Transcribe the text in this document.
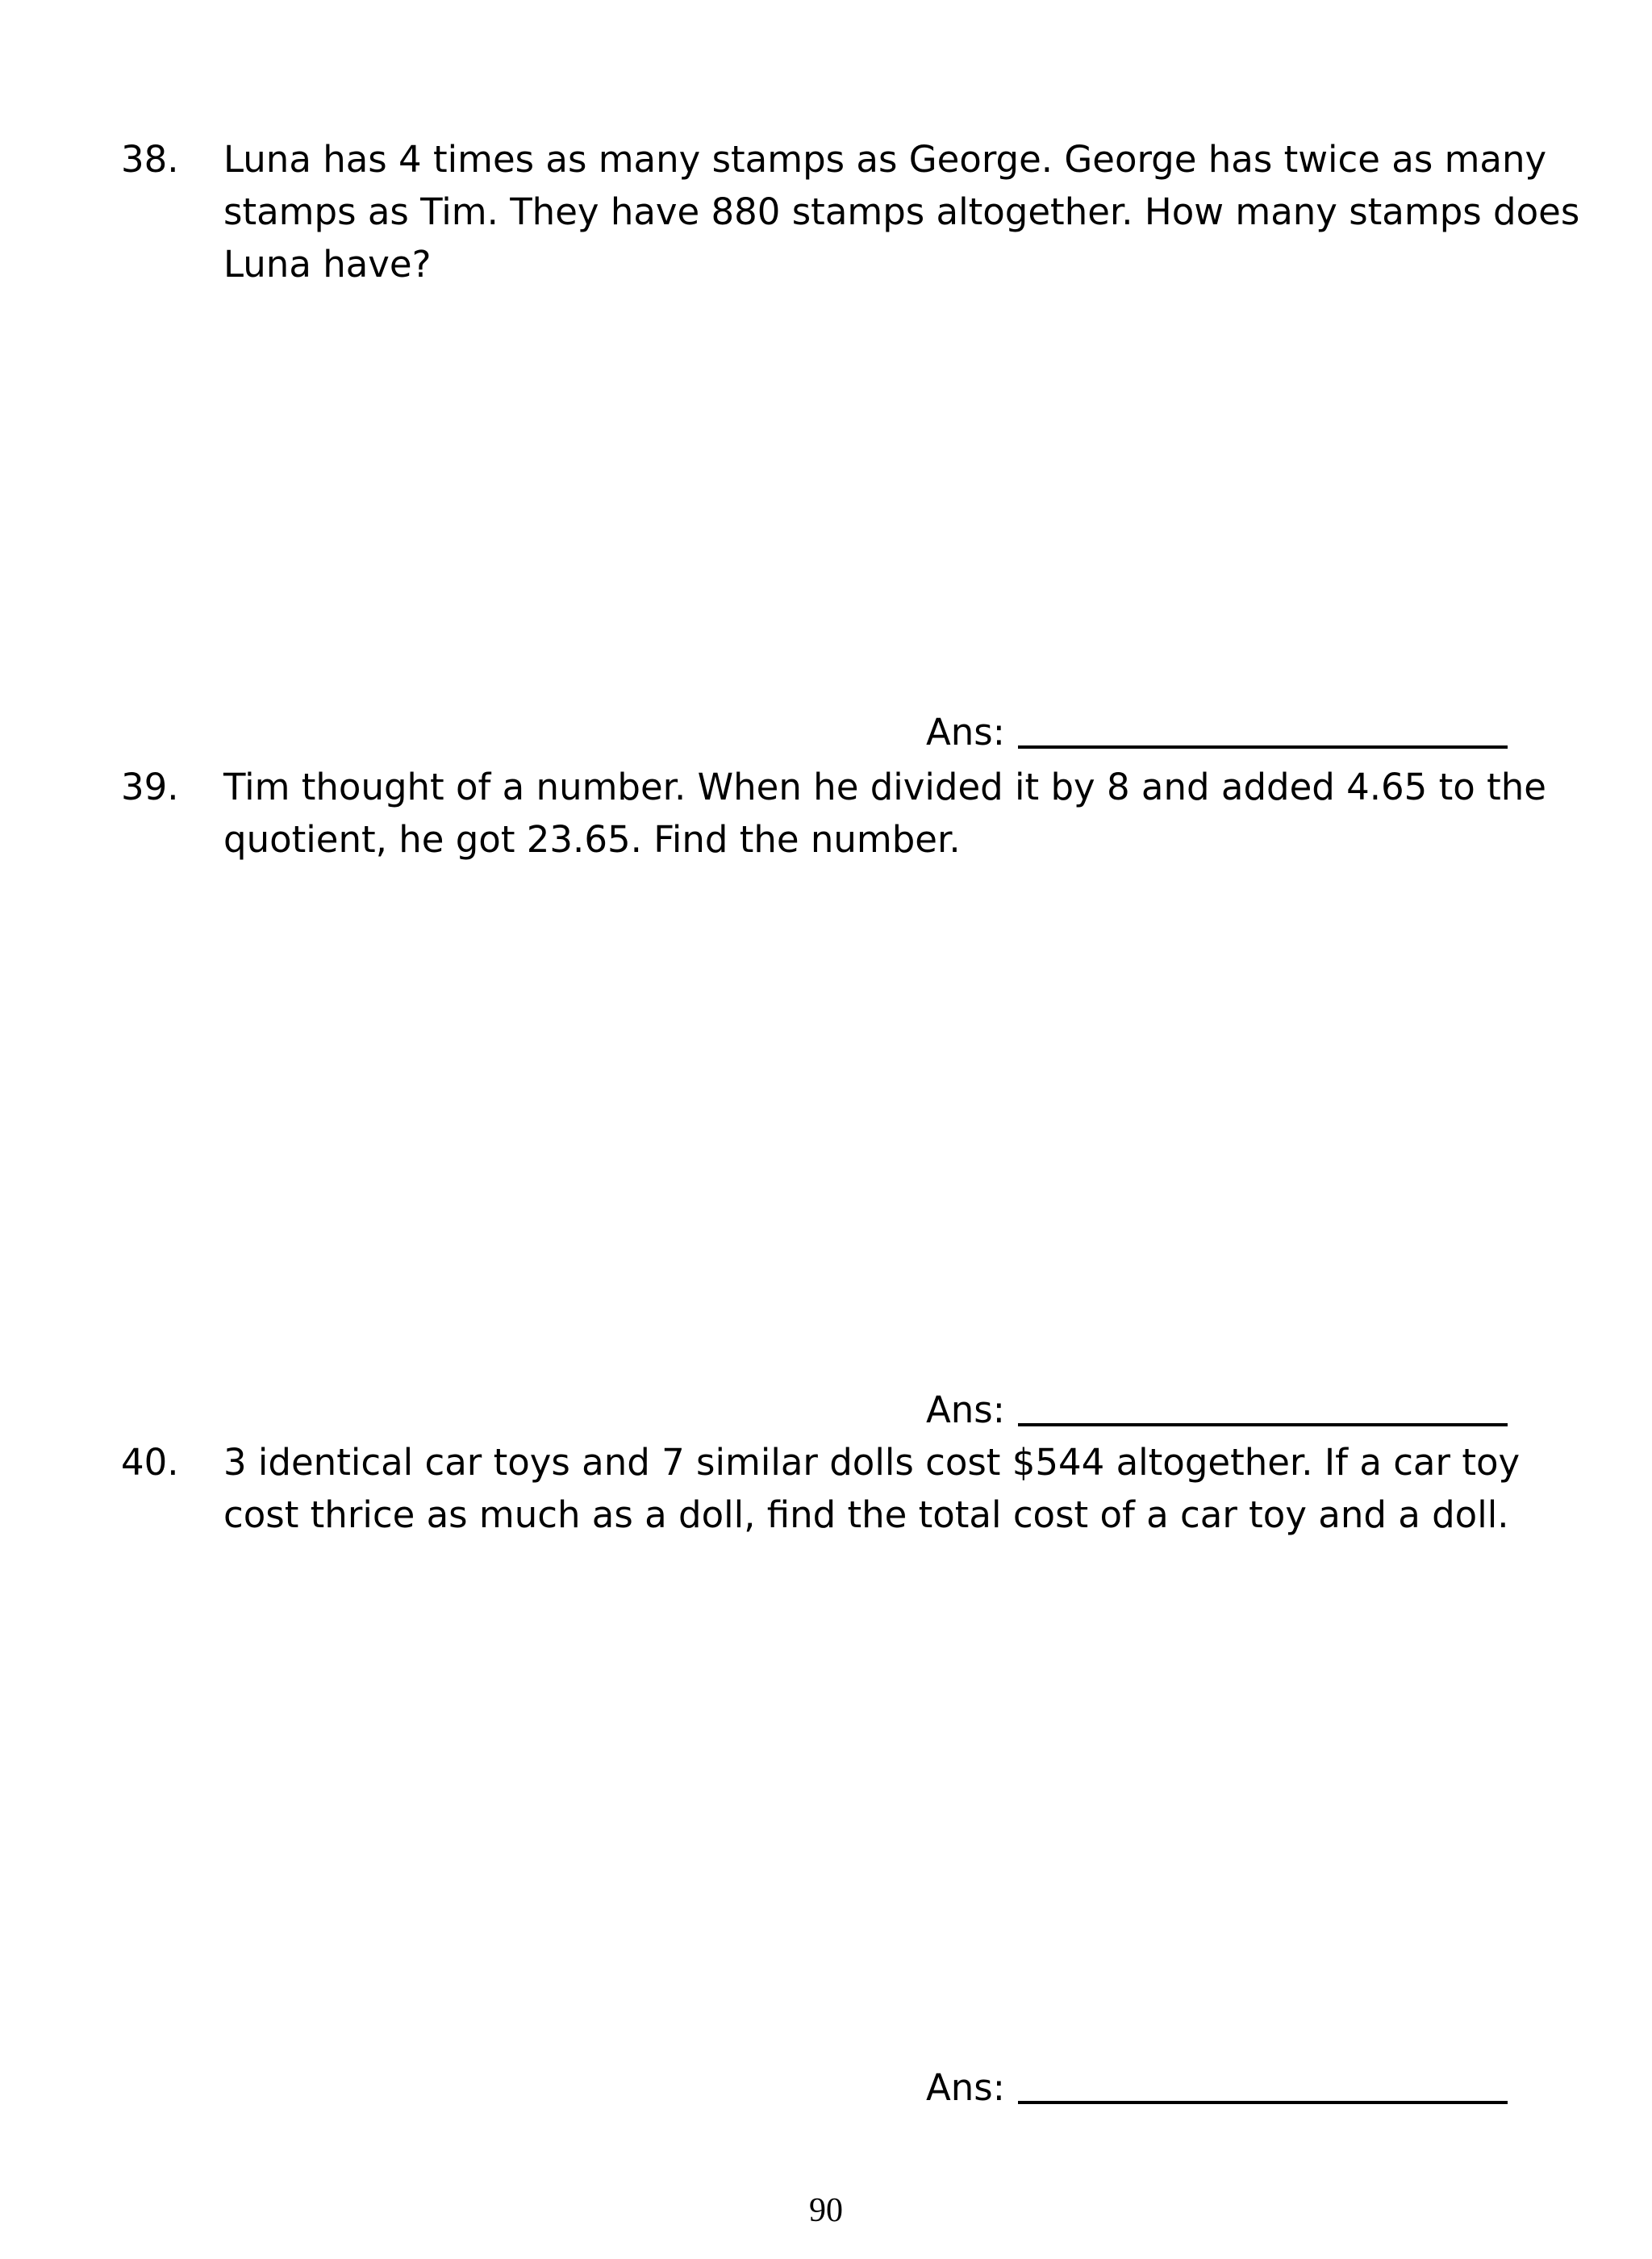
38.	Luna has 4 times as many stamps as George. George has twice as many
stamps as Tim. They have 880 stamps altogether. How many stamps does
Luna have?
Ans:
39.	Tim thought of a number. When he divided it by 8 and added 4.65 to the
quotient, he got 23.65. Find the number.
Ans:
40.	3 identical car toys and 7 similar dolls cost $544 altogether. If a car toy
cost thrice as much as a doll, find the total cost of a car toy and a doll.
Ans:
90
